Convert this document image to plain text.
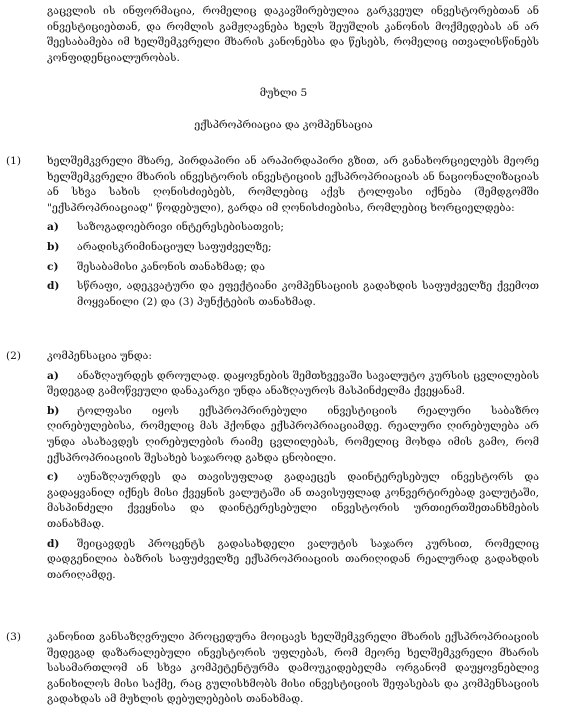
გაცვლის ის ინფორმაცია, რომელიც დაკავშირებულია გარკვეულ ინვესტორებთან ან ინვესტიციებთან, და რომლის გამჟღავნება ხელს შეუშლის კანონის მოქმედებას ან არ შეესაბამება იმ ხელშემკვრელი მხარის კანონებსა და წესებს, რომელიც ითვალისწინებს კონფიდენციალურობას.

მუხლი 5
ექსპროპრიაცია და კომპენსაცია
(1) ხელშემკვრელი მხარე, პირდაპირი ან არაპირდაპირი გზით, არ განახორციელებს მეორე ხელშემკვრელი მხარის ინვესტორის ინვესტიციის ექსპროპრიაციას ან ნაციონალიზაციას ან სხვა სახის ღონისძიებებს, რომლებიც აქვს ტოლფასი იქნება (შემდგომში "ექსპროპრიაციად" წოდებული), გარდა იმ ღონისძიებისა, რომლებიც ხორციელდება:
a)	საზოგადოებრივი ინტერესებისათვის;
b)	არადისკრიმინაციულ საფუძველზე;
c)	შესაბამისი კანონის თანახმად; და
d)	სწრაფი, ადეკვატური და ეფექტიანი კომპენსაციის გადახდის საფუძველზე ქვემოთ მოყვანილი (2) და (3) პუნქტების თანახმად.
(2) კომპენსაცია უნდა:
a) ანაზღაურდეს დროულად. დაყოვნების შემთხვევაში სავალუტო კურსის ცვლილების შედეგად გამოწვეული დანაკარგი უნდა ანაზღაუროს მასპინძელმა ქვეყანამ.
b) ტოლფასი იყოს ექსპროპრირებული ინვესტიციის რეალური საბაზრო ღირებულებისა, რომელიც მას ჰქონდა ექსპროპრიაციამდე. რეალური ღირებულება არ უნდა ასახავდეს ღირებულების რაიმე ცვლილებას, რომელიც მოხდა იმის გამო, რომ ექსპროპრიაციის შესახებ საჯაროდ გახდა ცნობილი.
c) აუნაზღაურდეს და თავისუფლად გადაეცეს დაინტერესებულ ინვესტორს და გადაყვანილ იქნეს მისი ქვეყნის ვალუტაში ან თავისუფლად კონვერტირებად ვალუტაში, მასპინძელი ქვეყნისა და დაინტერესებული ინვესტორის ურთიერთშეთანხმების თანახმად.
d) შეიცავდეს პროცენტს გადასახდელი ვალუტის საჯარო კურსით, რომელიც დადგენილია ბაზრის საფუძველზე ექსპროპრიაციის თარიღიდან რეალურად გადახდის თარიღამდე.
(3) კანონით განსაზღვრული პროცედურა მოიცავს ხელშემკვრელი მხარის ექსპროპრიაციის შედეგად დაზარალებული ინვესტორის უფლებას, რომ მეორე ხელშემკვრელი მხარის სასამართლომ ან სხვა კომპეტენტურმა დამოუკიდებელმა ორგანომ დაუყოვნებლივ განიხილოს მისი საქმე, რაც გულისხმობს მისი ინვესტიციის შეფასებას და კომპენსაციის გადახდას ამ მუხლის დებულებების თანახმად.
